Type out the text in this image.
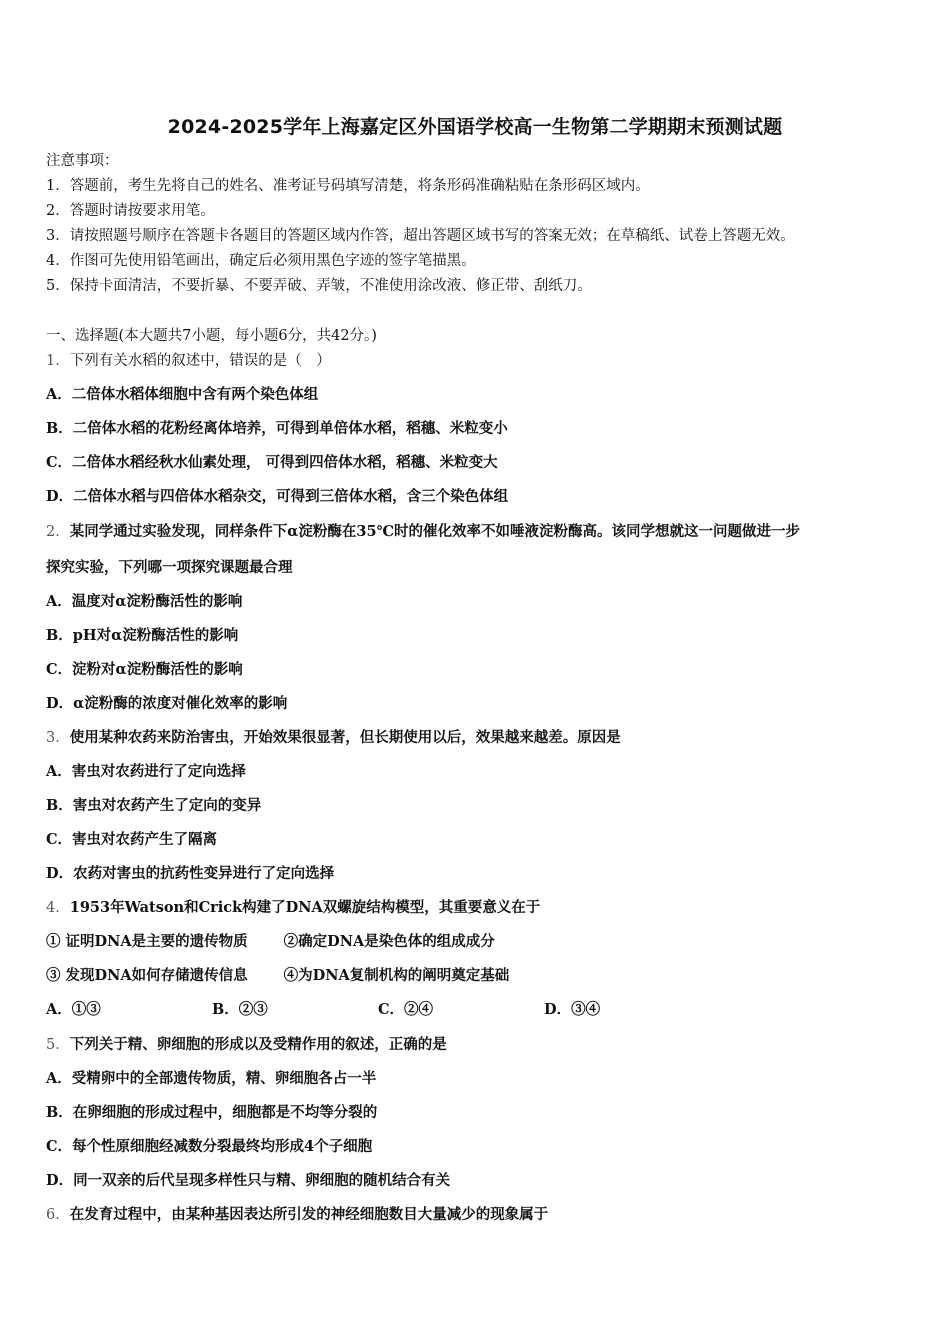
2024-2025学年上海嘉定区外国语学校高一生物第二学期期末预测试题
注意事项：
1．答题前，考生先将自己的姓名、准考证号码填写清楚，将条形码准确粘贴在条形码区域内。
2．答题时请按要求用笔。
3．请按照题号顺序在答题卡各题目的答题区域内作答，超出答题区域书写的答案无效；在草稿纸、试卷上答题无效。
4．作图可先使用铅笔画出，确定后必须用黑色字迹的签字笔描黑。
5．保持卡面清洁，不要折暴、不要弄破、弄皱，不准使用涂改液、修正带、刮纸刀。
一、选择题(本大题共7小题，每小题6分，共42分。)
1．下列有关水稻的叙述中，错误的是（　）
A．二倍体水稻体细胞中含有两个染色体组
B．二倍体水稻的花粉经离体培养，可得到单倍体水稻，稻穗、米粒变小
C．二倍体水稻经秋水仙素处理， 可得到四倍体水稻，稻穗、米粒变大
D．二倍体水稻与四倍体水稻杂交，可得到三倍体水稻，含三个染色体组
2．某同学通过实验发现，同样条件下α淀粉酶在35℃时的催化效率不如唾液淀粉酶高。该同学想就这一问题做进一步
探究实验，下列哪一项探究课题最合理
A．温度对α淀粉酶活性的影响
B．pH对α淀粉酶活性的影响
C．淀粉对α淀粉酶活性的影响
D．α淀粉酶的浓度对催化效率的影响
3．使用某种农药来防治害虫，开始效果很显著，但长期使用以后，效果越来越差。原因是
A．害虫对农药进行了定向选择
B．害虫对农药产生了定向的变异
C．害虫对农药产生了隔离
D．农药对害虫的抗药性变异进行了定向选择
4．1953年Watson和Crick构建了DNA双螺旋结构模型，其重要意义在于
① 证明DNA是主要的遗传物质 ②确定DNA是染色体的组成成分
③ 发现DNA如何存储遗传信息 ④为DNA复制机构的阐明奠定基础
A．①③	B．②③	C．②④	D．③④
5．下列关于精、卵细胞的形成以及受精作用的叙述，正确的是
A．受精卵中的全部遗传物质，精、卵细胞各占一半
B．在卵细胞的形成过程中，细胞都是不均等分裂的
C．每个性原细胞经减数分裂最终均形成4个子细胞
D．同一双亲的后代呈现多样性只与精、卵细胞的随机结合有关
6．在发育过程中，由某种基因表达所引发的神经细胞数目大量减少的现象属于
